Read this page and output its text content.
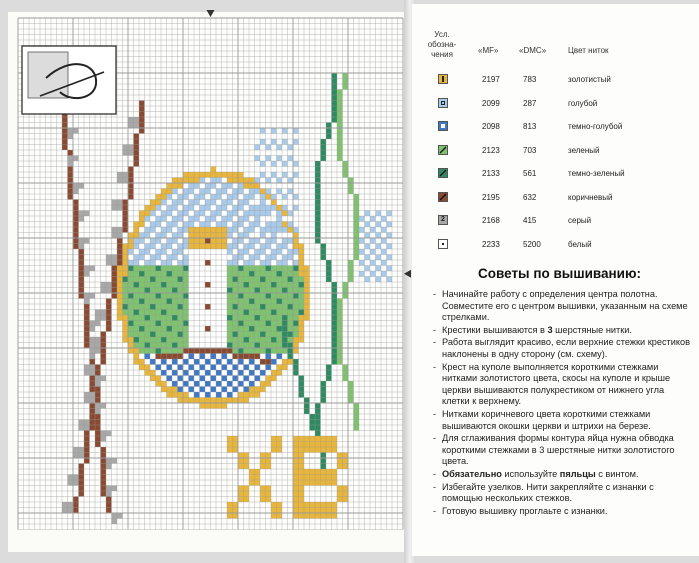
Усл. обозна-чения	«MF»	«DMC»	Цвет ниток
2197	783	золотистый
2099	287	голубой
2098	813	темно-голубой
2123	703	зеленый
2133	561	темно-зеленый
2195	632	коричневый
2	2168	415	серый
2233	5200	белый
Советы по вышиванию:
- Начинайте работу с определения центра полотна. Совместите его с центром вышивки, указанным на схеме стрелками.
- Крестики вышиваются в 3 шерстяные нитки.
- Работа выглядит красиво, если верхние стежки крестиков наклонены в одну сторону (см. схему).
- Крест на куполе выполняется короткими стежками нитками золотистого цвета, скосы на куполе и крыше церкви вышиваются полукрестиком от нижнего угла клетки к верхнему.
- Нитками коричневого цвета короткими стежками вышиваются окошки церкви и штрихи на березе.
- Для сглаживания формы контура яйца нужна обводка короткими стежками в 3 шерстяные нитки золотистого цвета.
- Обязательно используйте пяльцы с винтом.
- Избегайте узелков. Нити закрепляйте с изнанки с помощью нескольких стежков.
- Готовую вышивку проглаьте с изнанки.
